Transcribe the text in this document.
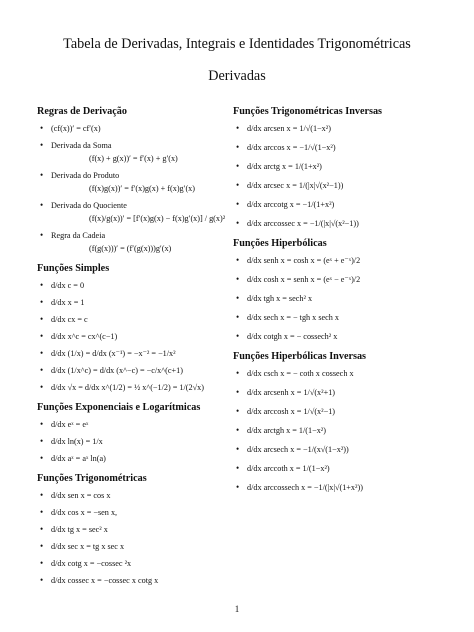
Tabela de Derivadas, Integrais e Identidades Trigonométricas
Derivadas
Regras de Derivação
• (cf(x))′ = cf′(x)
• Derivada da Soma
(f(x) + g(x))′ = f′(x) + g′(x)
• Derivada do Produto
(f(x)g(x))′ = f′(x)g(x) + f(x)g′(x)
• Derivada do Quociente
(f(x)/g(x))′ = [f′(x)g(x) − f(x)g′(x)] / g(x)²
• Regra da Cadeia
(f(g(x)))′ = (f′(g(x)))g′(x)
Funções Simples
• d/dx c = 0
• d/dx x = 1
• d/dx cx = c
• d/dx x^c = cx^(c−1)
• d/dx (1/x) = d/dx (x⁻¹) = −x⁻² = −1/x²
• d/dx (1/x^c) = d/dx (x^−c) = −c/x^(c+1)
• d/dx √x = d/dx x^(1/2) = ½ x^(−1/2) = 1/(2√x)
Funções Exponenciais e Logarítmicas
• d/dx eˣ = eˣ
• d/dx ln(x) = 1/x
• d/dx aˣ = aˣ ln(a)
Funções Trigonométricas
• d/dx sen x = cos x
• d/dx cos x = −sen x,
• d/dx tg x = sec² x
• d/dx sec x = tg x sec x
• d/dx cotg x = −cossec ²x
• d/dx cossec x = −cossec x cotg x
Funções Trigonométricas Inversas
• d/dx arcsen x = 1/√(1−x²)
• d/dx arccos x = −1/√(1−x²)
• d/dx arctg x = 1/(1+x²)
• d/dx arcsec x = 1/(|x|√(x²−1))
• d/dx arccotg x = −1/(1+x²)
• d/dx arccossec x = −1/(|x|√(x²−1))
Funções Hiperbólicas
• d/dx senh x = cosh x = (eˣ + e⁻ˣ)/2
• d/dx cosh x = senh x = (eˣ − e⁻ˣ)/2
• d/dx tgh x = sech² x
• d/dx sech x = − tgh x sech x
• d/dx cotgh x = − cossech² x
Funções Hiperbólicas Inversas
• d/dx csch x = − coth x cossech x
• d/dx arcsenh x = 1/√(x²+1)
• d/dx arccosh x = 1/√(x²−1)
• d/dx arctgh x = 1/(1−x²)
• d/dx arcsech x = −1/(x√(1−x²))
• d/dx arccoth x = 1/(1−x²)
• d/dx arccossech x = −1/(|x|√(1+x²))
1
